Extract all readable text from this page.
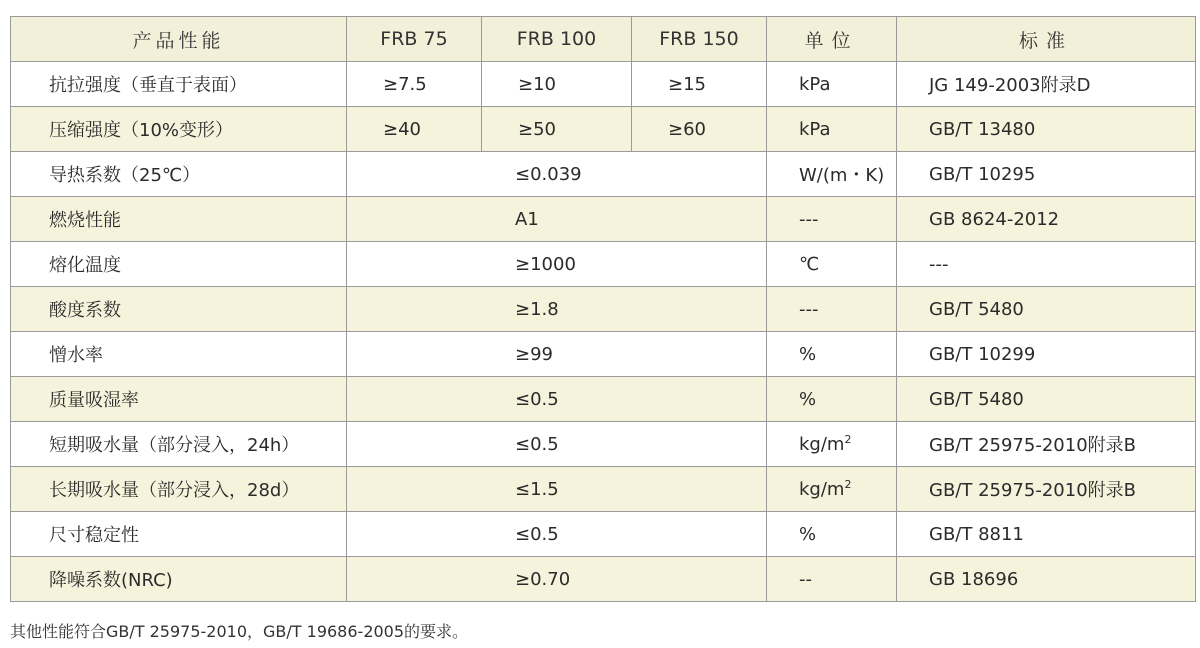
产品性能	FRB 75	FRB 100	FRB 150	单位	标准
抗拉强度（垂直于表面）	≥7.5	≥10	≥15	kPa	JG 149-2003附录D
压缩强度（10%变形）	≥40	≥50	≥60	kPa	GB/T 13480
导热系数（25℃）	≤0.039			W/(m・K)	GB/T 10295
燃烧性能	A1			---	GB 8624-2012
熔化温度	≥1000			℃	---
酸度系数	≥1.8			---	GB/T 5480
憎水率	≥99			%	GB/T 10299
质量吸湿率	≤0.5			%	GB/T 5480
短期吸水量（部分浸入，24h）	≤0.5			$kg/m^2$	GB/T 25975-2010附录B
长期吸水量（部分浸入，28d）	≤1.5			$kg/m^2$	GB/T 25975-2010附录B
尺寸稳定性	≤0.5			%	GB/T 8811
降噪系数(NRC)	≥0.70			--	GB 18696
其他性能符合GB/T 25975-2010，GB/T 19686-2005的要求。
